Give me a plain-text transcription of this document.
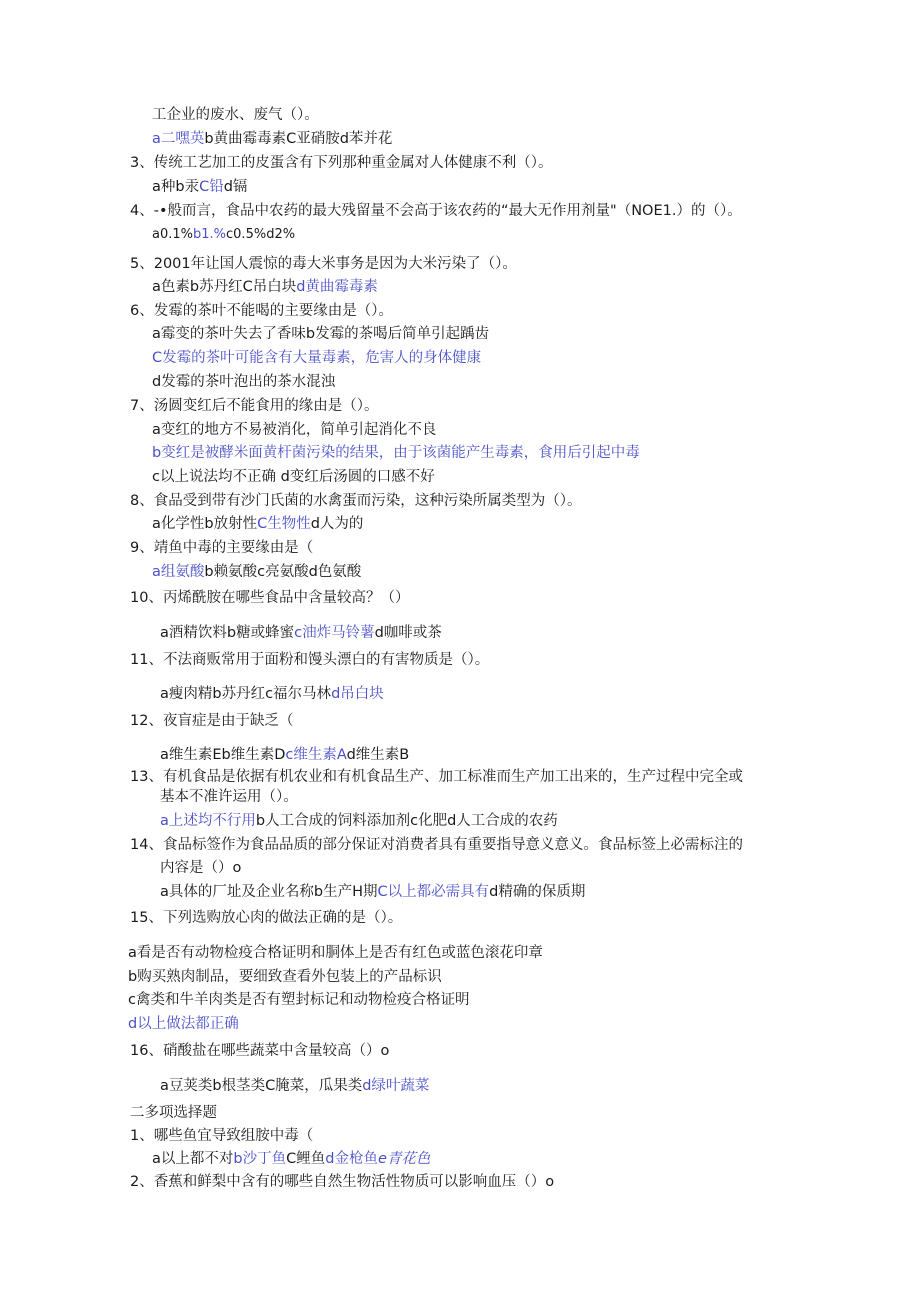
工企业的废水、废气（）。
a二嘿英b黄曲霉毒素C亚硝胺d苯并花
3、传统工艺加工的皮蛋含有下列那种重金属对人体健康不利（）。
a种b汞C铅d镉
4、-•般而言，食品中农药的最大残留量不会高于该农药的“最大无作用剂量"（NOE1.）的（）。
a0.1%b1.%c0.5%d2%
5、2001年让国人震惊的毒大米事务是因为大米污染了（）。
a色素b苏丹红C吊白块d黄曲霉毒素
6、发霉的茶叶不能喝的主要缘由是（）。
a霉变的茶叶失去了香味b发霉的茶喝后简单引起踽齿
C发霉的茶叶可能含有大量毒素，危害人的身体健康
d发霉的茶叶泡出的茶水混浊
7、汤圆变红后不能食用的缘由是（）。
a变红的地方不易被消化，简单引起消化不良
b变红是被酵米面黄杆菌污染的结果，由于该菌能产生毒素，食用后引起中毒
c以上说法均不正确 d变红后汤圆的口感不好
8、食品受到带有沙门氏菌的水禽蛋而污染，这种污染所属类型为（）。
a化学性b放射性C生物性d人为的
9、靖鱼中毒的主要缘由是（
a组氨酸b赖氨酸c亮氨酸d色氨酸
10、丙烯酰胺在哪些食品中含量较高？（）
a酒精饮料b糖或蜂蜜c油炸马铃薯d咖啡或茶
11、不法商贩常用于面粉和馒头漂白的有害物质是（）。
a瘦肉精b苏丹红c福尔马林d吊白块
12、夜盲症是由于缺乏（
a维生素Eb维生素Dc维生素Ad维生素B
13、有机食品是依据有机农业和有机食品生产、加工标准而生产加工出来的，生产过程中完全或
基本不准许运用（）。
a上述均不行用b人工合成的饲料添加剂c化肥d人工合成的农药
14、食品标签作为食品品质的部分保证对消费者具有重要指导意义意义。食品标签上必需标注的
内容是（）o
a具体的厂址及企业名称b生产H期C以上都必需具有d精确的保质期
15、下列选购放心肉的做法正确的是（）。
a看是否有动物检疫合格证明和胴体上是否有红色或蓝色滚花印章
b购买熟肉制品，要细致查看外包装上的产品标识
c禽类和牛羊肉类是否有塑封标记和动物检疫合格证明
d以上做法都正确
16、硝酸盐在哪些蔬菜中含量较高（）o
a豆荚类b根茎类C腌菜，瓜果类d绿叶蔬菜
二多项选择题
1、哪些鱼宜导致组胺中毒（
a以上都不对b沙丁鱼C鲤鱼d金枪鱼e青花色
2、香蕉和鲜梨中含有的哪些自然生物活性物质可以影响血压（）o
